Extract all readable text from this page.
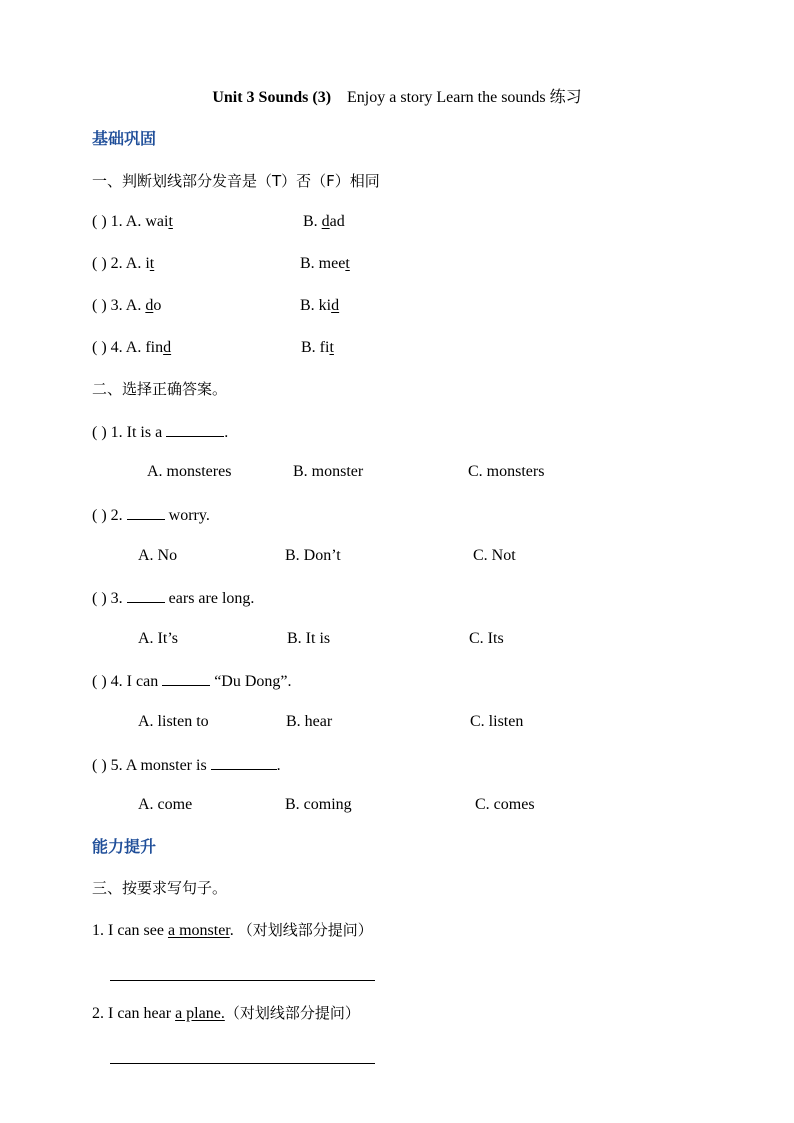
Unit 3 Sounds (3) Enjoy a story Learn the sounds 练习
基础巩固
一、判断划线部分发音是（T）否（F）相同
( ) 1. A. wait	B. dad
( ) 2. A. it	B. meet
( ) 3. A. do	B. kid
( ) 4. A. find	B. fit
二、选择正确答案。
( ) 1. It is a	.
A. monsteres	B. monster	C. monsters
( ) 2.	worry.
A. No	B. Don’t	C. Not
( ) 3.	ears are long.
A. It’s	B. It is	C. Its
( ) 4. I can	“Du Dong”.
A. listen to	B. hear	C. listen
( ) 5. A monster is	.
A. come	B. coming	C. comes
能力提升
三、按要求写句子。
1. I can see a monster. （对划线部分提问）
2. I can hear a plane.（对划线部分提问）
